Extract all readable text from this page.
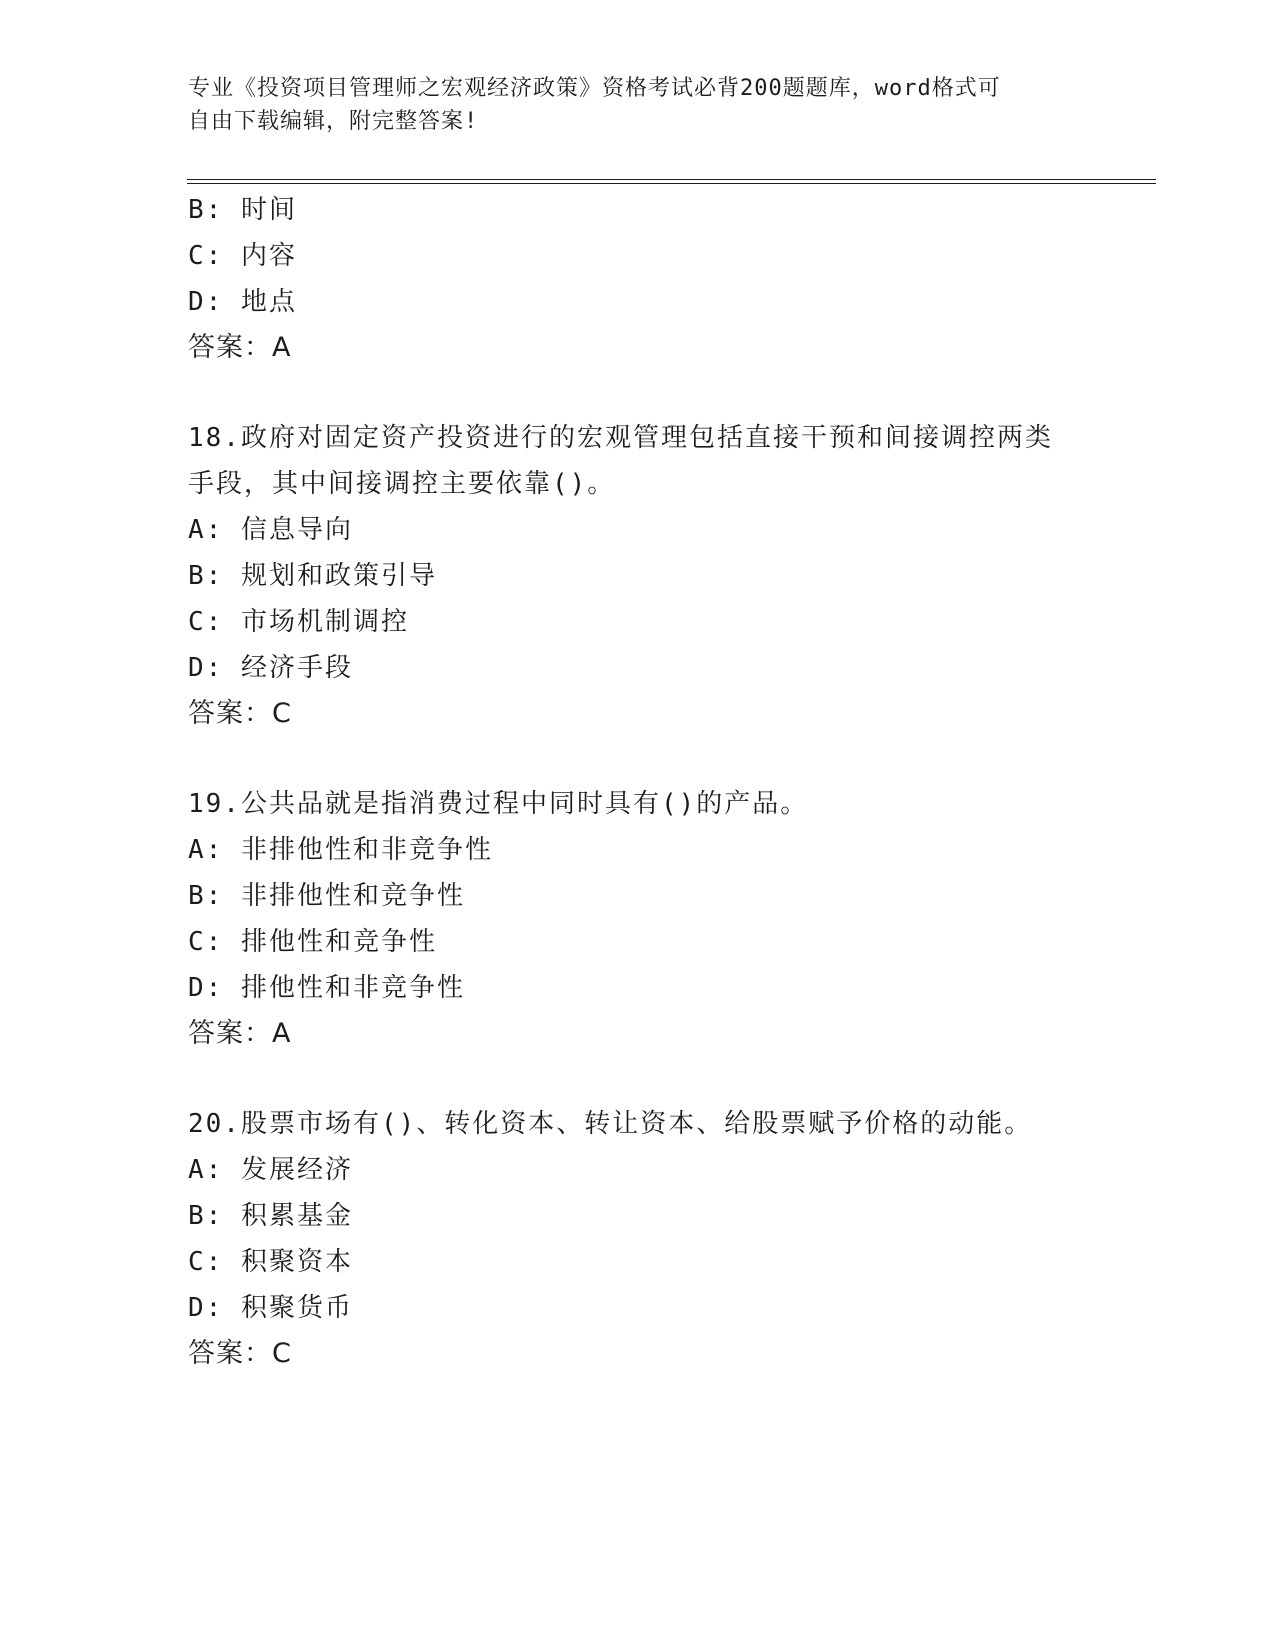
专业《投资项目管理师之宏观经济政策》资格考试必背200题题库，word格式可
自由下载编辑，附完整答案!
B: 时间
C: 内容
D: 地点
答案：A
18.政府对固定资产投资进行的宏观管理包括直接干预和间接调控两类
手段，其中间接调控主要依靠()。
A: 信息导向
B: 规划和政策引导
C: 市场机制调控
D: 经济手段
答案：C
19.公共品就是指消费过程中同时具有()的产品。
A: 非排他性和非竞争性
B: 非排他性和竞争性
C: 排他性和竞争性
D: 排他性和非竞争性
答案：A
20.股票市场有()、转化资本、转让资本、给股票赋予价格的动能。
A: 发展经济
B: 积累基金
C: 积聚资本
D: 积聚货币
答案：C
